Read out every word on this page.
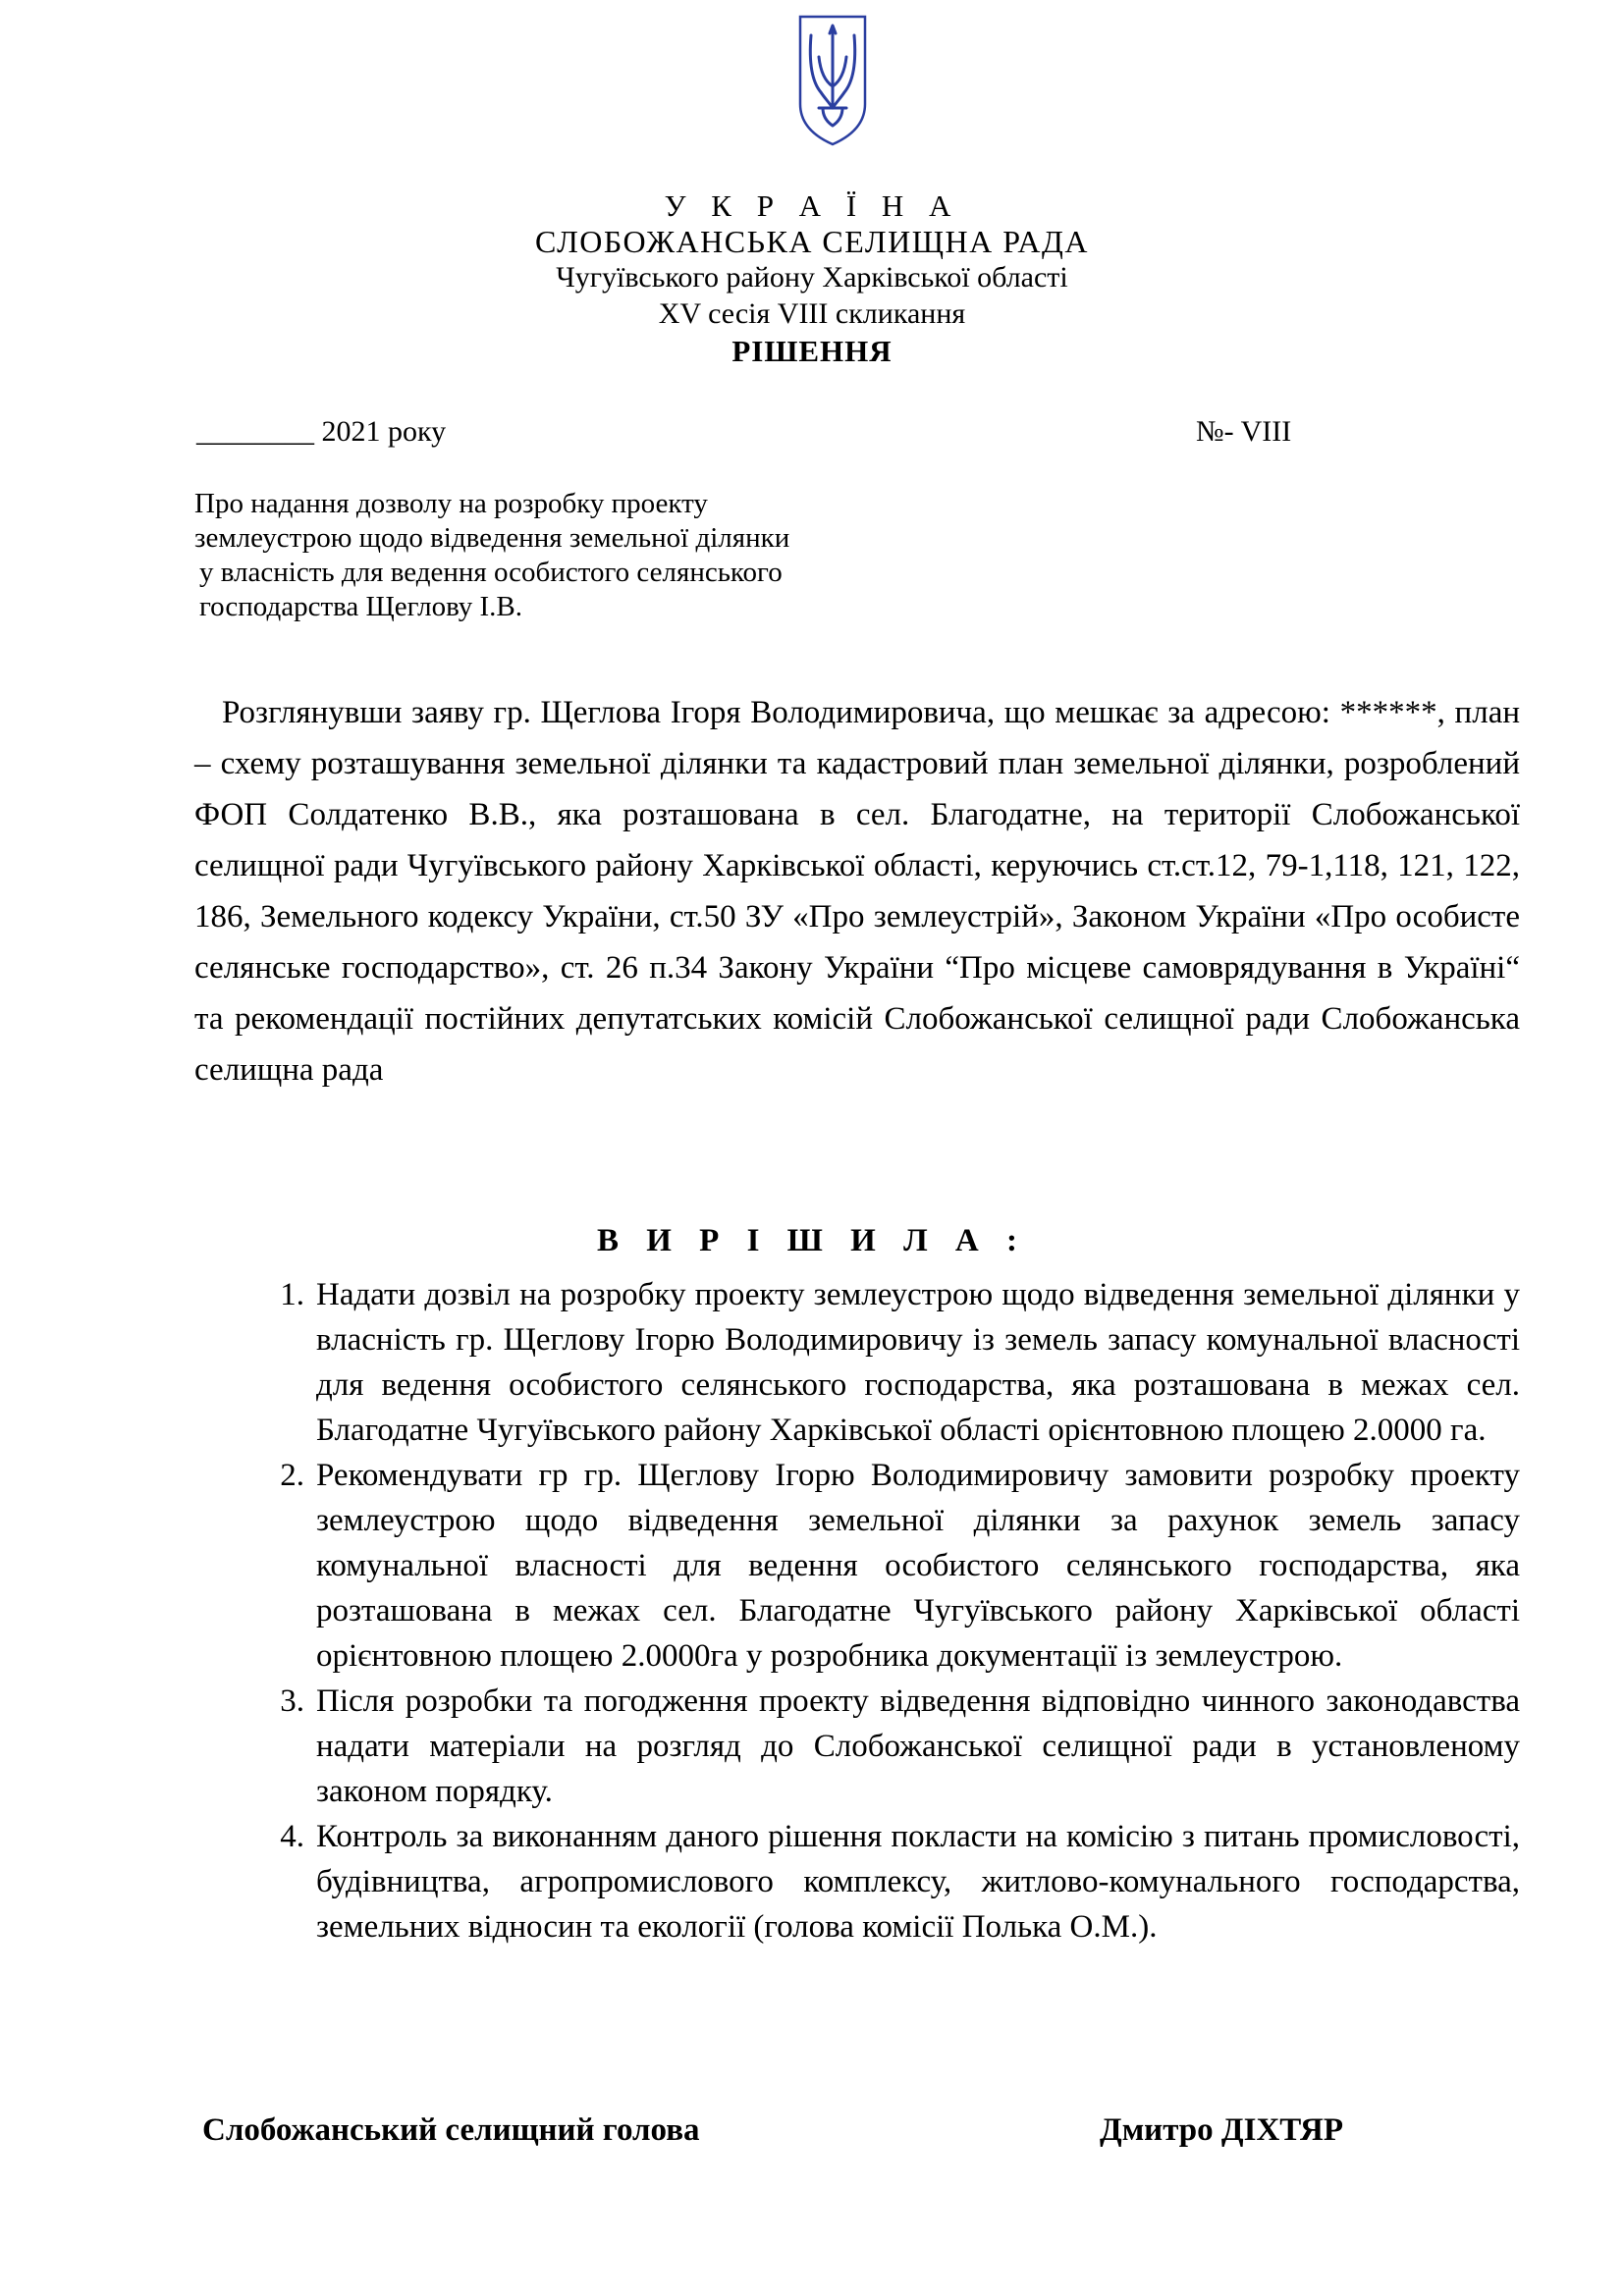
У К Р А Ї Н А
СЛОБОЖАНСЬКА СЕЛИЩНА РАДА
Чугуївського району Харківської області
XV сесія VIII скликання
РІШЕННЯ
________ 2021 року	№- VIII
Про надання дозволу на розробку проекту
землеустрою щодо відведення земельної ділянки
у власність для ведення особистого селянського
господарства Щеглову І.В.
Розглянувши заяву гр. Щеглова Ігоря Володимировича, що мешкає за адресою: ******, план – схему розташування земельної ділянки та кадастровий план земельної ділянки, розроблений ФОП Солдатенко В.В., яка розташована в сел. Благодатне, на території Слобожанської селищної ради Чугуївського району Харківської області, керуючись ст.ст.12, 79-1,118, 121, 122, 186, Земельного кодексу України, ст.50 ЗУ «Про землеустрій», Законом України «Про особисте селянське господарство», ст. 26 п.34 Закону України “Про місцеве самоврядування в Україні“ та рекомендації постійних депутатських комісій Слобожанської селищної ради Слобожанська селищна рада
В И Р І Ш И Л А :
1. Надати дозвіл на розробку проекту землеустрою щодо відведення земельної ділянки у власність гр. Щеглову Ігорю Володимировичу із земель запасу комунальної власності для ведення особистого селянського господарства, яка розташована в межах сел. Благодатне Чугуївського району Харківської області орієнтовною площею 2.0000 га.
2. Рекомендувати гр гр. Щеглову Ігорю Володимировичу замовити розробку проекту землеустрою щодо відведення земельної ділянки за рахунок земель запасу комунальної власності для ведення особистого селянського господарства, яка розташована в межах сел. Благодатне Чугуївського району Харківської області орієнтовною площею 2.0000га у розробника документації із землеустрою.
3. Після розробки та погодження проекту відведення відповідно чинного законодавства надати матеріали на розгляд до Слобожанської селищної ради в установленому законом порядку.
4. Контроль за виконанням даного рішення покласти на комісію з питань промисловості, будівництва, агропромислового комплексу, житлово-комунального господарства, земельних відносин та екології (голова комісії Полька О.М.).
Слобожанський селищний голова	Дмитро ДІХТЯР
